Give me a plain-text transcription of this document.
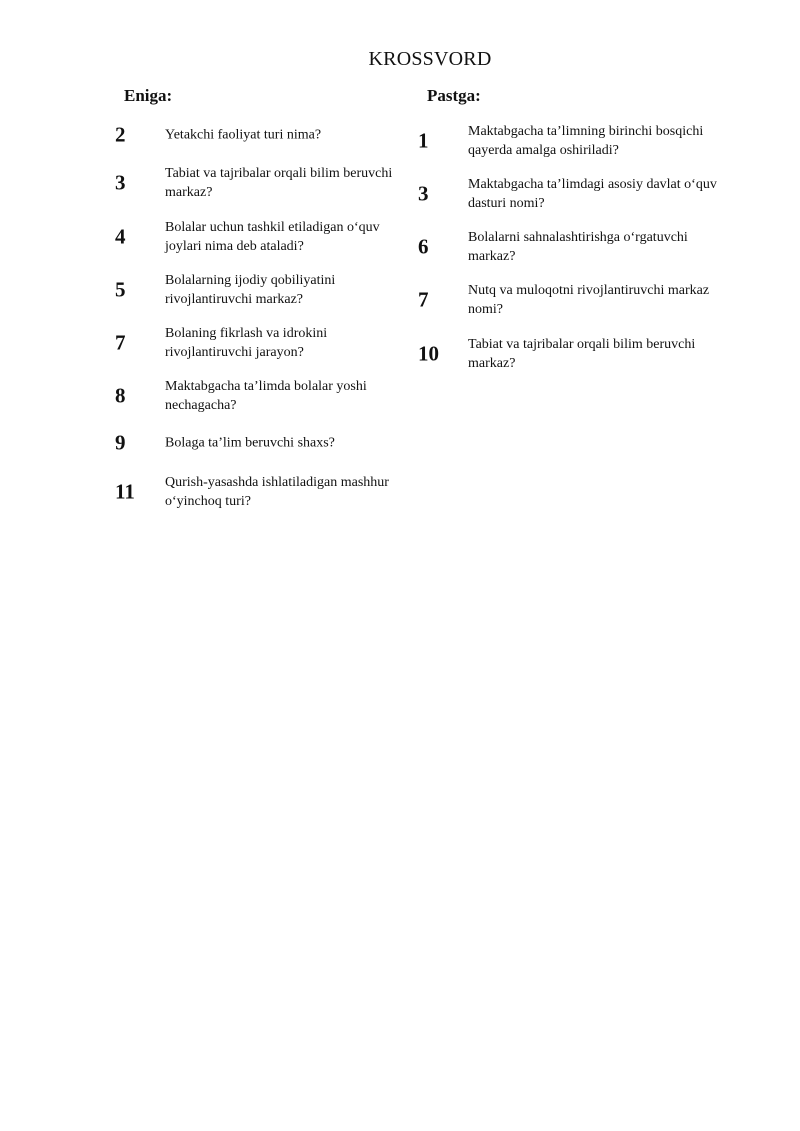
KROSSVORD
Eniga:	Pastga:
2	Yetakchi faoliyat turi nima?
3	Tabiat va tajribalar orqali bilim beruvchi markaz?
4	Bolalar uchun tashkil etiladigan o‘quv joylari nima deb ataladi?
5	Bolalarning ijodiy qobiliyatini rivojlantiruvchi markaz?
7	Bolaning fikrlash va idrokini rivojlantiruvchi jarayon?
8	Maktabgacha ta’limda bolalar yoshi nechagacha?
9	Bolaga ta’lim beruvchi shaxs?
11 Qurish-yasashda ishlatiladigan mashhur o‘yinchoq turi?
1	Maktabgacha ta’limning birinchi bosqichi qayerda amalga oshiriladi?
3	Maktabgacha ta’limdagi asosiy davlat o‘quv dasturi nomi?
6	Bolalarni sahnalashtirishga o‘rgatuvchi markaz?
7	Nutq va muloqotni rivojlantiruvchi markaz nomi?
10 Tabiat va tajribalar orqali bilim beruvchi markaz?
